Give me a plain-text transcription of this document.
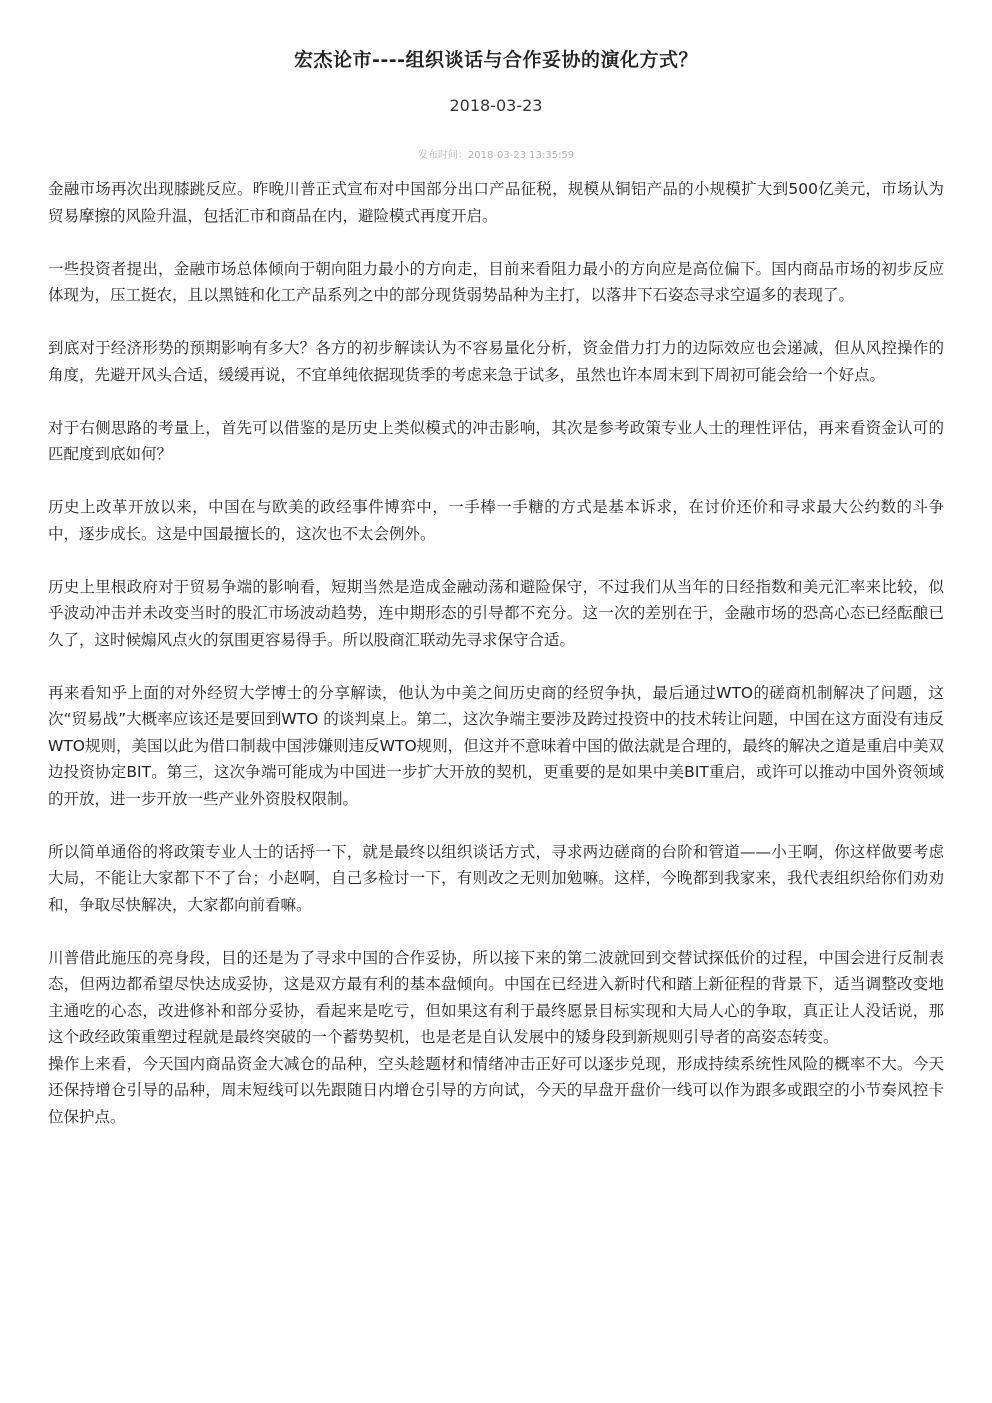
宏杰论市----组织谈话与合作妥协的演化方式？
2018-03-23
发布时间：2018-03-23 13:35:59

金融市场再次出现膝跳反应。昨晚川普正式宣布对中国部分出口产品征税，规模从铜铝产品的小规模扩大到500亿美元，市场认为贸易摩擦的风险升温，包括汇市和商品在内，避险模式再度开启。

一些投资者提出，金融市场总体倾向于朝向阻力最小的方向走，目前来看阻力最小的方向应是高位偏下。国内商品市场的初步反应体现为，压工挺农，且以黑链和化工产品系列之中的部分现货弱势品种为主打，以落井下石姿态寻求空逼多的表现了。

到底对于经济形势的预期影响有多大？各方的初步解读认为不容易量化分析，资金借力打力的边际效应也会递减，但从风控操作的角度，先避开风头合适，缓缓再说，不宜单纯依据现货季的考虑来急于试多，虽然也许本周末到下周初可能会给一个好点。

对于右侧思路的考量上，首先可以借鉴的是历史上类似模式的冲击影响，其次是参考政策专业人士的理性评估，再来看资金认可的匹配度到底如何？

历史上改革开放以来，中国在与欧美的政经事件博弈中，一手棒一手糖的方式是基本诉求，在讨价还价和寻求最大公约数的斗争中，逐步成长。这是中国最擅长的，这次也不太会例外。

历史上里根政府对于贸易争端的影响看，短期当然是造成金融动荡和避险保守，不过我们从当年的日经指数和美元汇率来比较，似乎波动冲击并未改变当时的股汇市场波动趋势，连中期形态的引导都不充分。这一次的差别在于，金融市场的恐高心态已经酝酿已久了，这时候煽风点火的氛围更容易得手。所以股商汇联动先寻求保守合适。

再来看知乎上面的对外经贸大学博士的分享解读，他认为中美之间历史商的经贸争执，最后通过WTO的磋商机制解决了问题，这次“贸易战”大概率应该还是要回到WTO 的谈判桌上。第二，这次争端主要涉及跨过投资中的技术转让问题，中国在这方面没有违反WTO规则，美国以此为借口制裁中国涉嫌则违反WTO规则，但这并不意味着中国的做法就是合理的，最终的解决之道是重启中美双边投资协定BIT。第三，这次争端可能成为中国进一步扩大开放的契机，更重要的是如果中美BIT重启，或许可以推动中国外资领域的开放，进一步开放一些产业外资股权限制。

所以简单通俗的将政策专业人士的话捋一下，就是最终以组织谈话方式，寻求两边磋商的台阶和管道——小王啊，你这样做要考虑大局，不能让大家都下不了台；小赵啊，自己多检讨一下，有则改之无则加勉嘛。这样，今晚都到我家来，我代表组织给你们劝劝和，争取尽快解决，大家都向前看嘛。

川普借此施压的亮身段，目的还是为了寻求中国的合作妥协，所以接下来的第二波就回到交替试探低价的过程，中国会进行反制表态，但两边都希望尽快达成妥协，这是双方最有利的基本盘倾向。中国在已经进入新时代和踏上新征程的背景下，适当调整改变地主通吃的心态，改进修补和部分妥协，看起来是吃亏，但如果这有利于最终愿景目标实现和大局人心的争取，真正让人没话说，那这个政经政策重塑过程就是最终突破的一个蓄势契机，也是老是自认发展中的矮身段到新规则引导者的高姿态转变。

操作上来看，今天国内商品资金大减仓的品种，空头趁题材和情绪冲击正好可以逐步兑现，形成持续系统性风险的概率不大。今天还保持增仓引导的品种，周末短线可以先跟随日内增仓引导的方向试，今天的早盘开盘价一线可以作为跟多或跟空的小节奏风控卡位保护点。
